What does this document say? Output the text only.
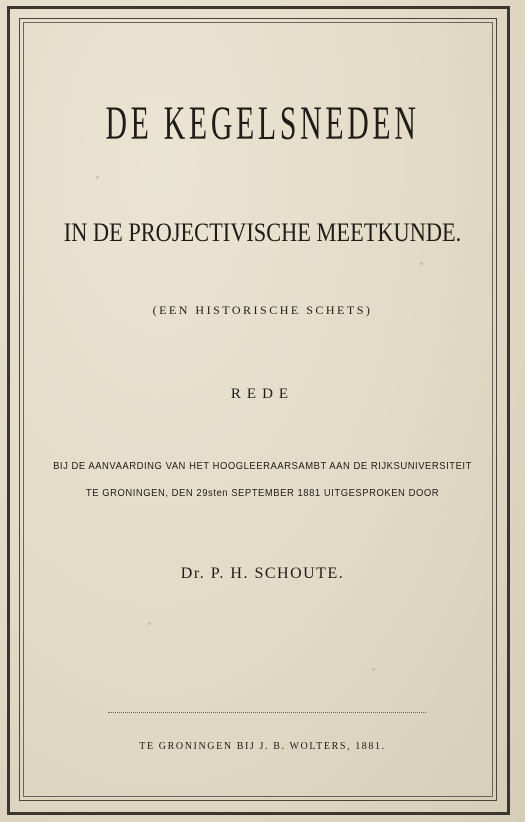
DE KEGELSNEDEN
IN DE PROJECTIVISCHE MEETKUNDE.
(EEN HISTORISCHE SCHETS)
REDE
BIJ DE AANVAARDING VAN HET HOOGLEERAARSAMBT AAN DE RIJKSUNIVERSITEIT
TE GRONINGEN, DEN 29sten SEPTEMBER 1881 UITGESPROKEN DOOR
Dr. P. H. SCHOUTE.
TE GRONINGEN BIJ J. B. WOLTERS, 1881.
